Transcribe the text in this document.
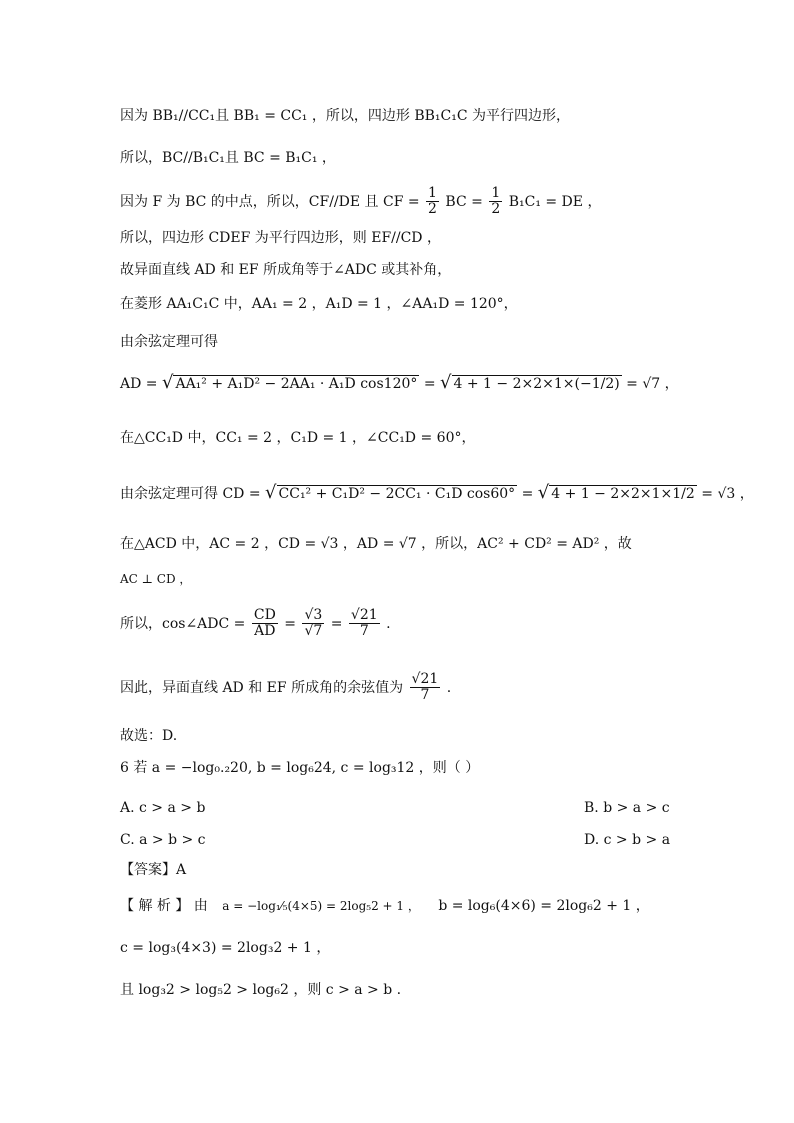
因为 BB₁//CC₁且 BB₁ = CC₁ ，所以，四边形 BB₁C₁C 为平行四边形，
所以，BC//B₁C₁且 BC = B₁C₁ ，
因为 F 为 BC 的中点，所以，CF//DE 且 CF = $\frac{1}{2}$ BC = $\frac{1}{2} B_1C_1$ = DE ，
所以，四边形 CDEF 为平行四边形，则 EF//CD ，
故异面直线 AD 和 EF 所成角等于∠ADC 或其补角，
在菱形 AA₁C₁C 中，AA₁ = 2 ，A₁D = 1 ，∠AA₁D = 120°，
由余弦定理可得
AD = √ AA₁² + A₁D² − 2AA₁ · A₁D cos120° = √ 4 + 1 − 2×2×1×(−1/2) = √7 ，
在△CC₁D 中，CC₁ = 2 ，C₁D = 1 ，∠CC₁D = 60°，
由余弦定理可得 CD = √ CC₁² + C₁D² − 2CC₁ · C₁D cos60° = √ 4 + 1 − 2×2×1×1/2 = √3 ，
在△ACD 中，AC = 2 ，CD = √3 ，AD = √7 ，所以，AC² + CD² = AD² ，故
AC ⊥ CD ，
所以，cos∠ADC = $\frac{CD}{AD} = \frac{√3}{√7} = \frac{√21}{7}$ .
因此，异面直线 AD 和 EF 所成角的余弦值为 $\frac{√21}{7}$ .
故选：D.
6 若 a = −log₀.₂20, b = log₆24, c = log₃12 ，则（ ）
A. c > a > b	B. b > a > c
C. a > b > c	D. c > b > a
【答案】A
【 解 析 】 由 a = −log₁⁄₅(4×5) = 2log₅2 + 1 ， b = log₆(4×6) = 2log₆2 + 1 ，
c = log₃(4×3) = 2log₃2 + 1 ，
且 log₃2 > log₅2 > log₆2 ，则 c > a > b .
